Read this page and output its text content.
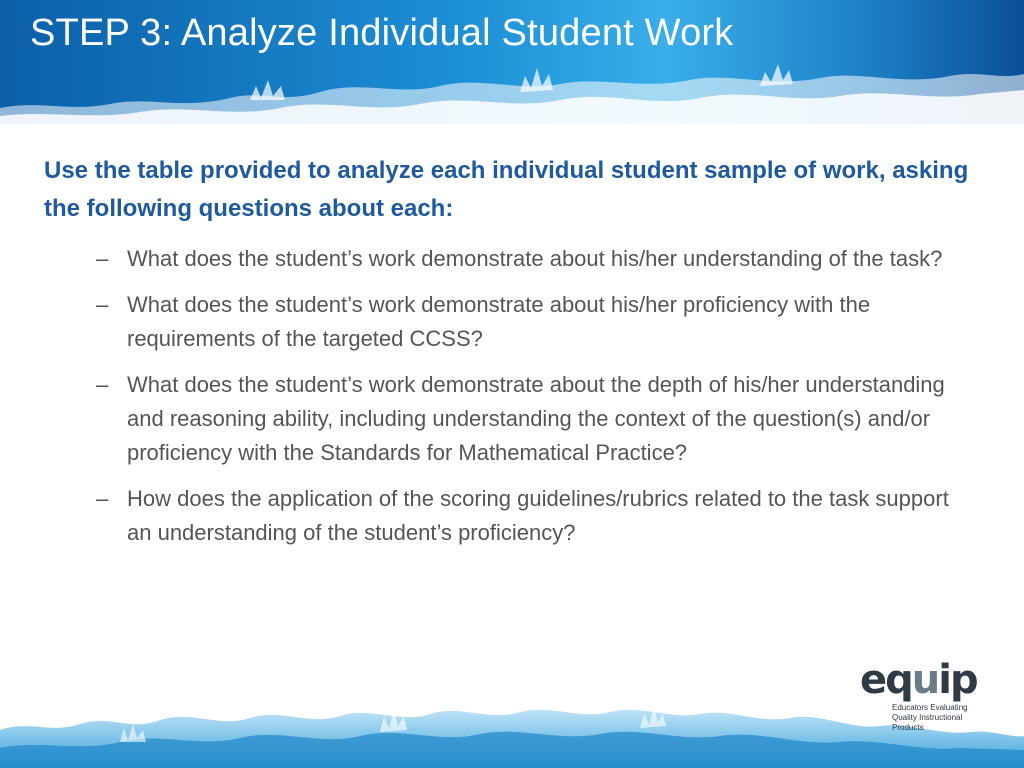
STEP 3: Analyze Individual Student Work

Use the table provided to analyze each individual student sample of work, asking the following questions about each:

– What does the student’s work demonstrate about his/her understanding of the task?
– What does the student’s work demonstrate about his/her proficiency with the requirements of the targeted CCSS?
– What does the student’s work demonstrate about the depth of his/her understanding and reasoning ability, including understanding the context of the question(s) and/or proficiency with the Standards for Mathematical Practice?
– How does the application of the scoring guidelines/rubrics related to the task support an understanding of the student’s proficiency?
equip
Educators Evaluating
Quality Instructional Products
